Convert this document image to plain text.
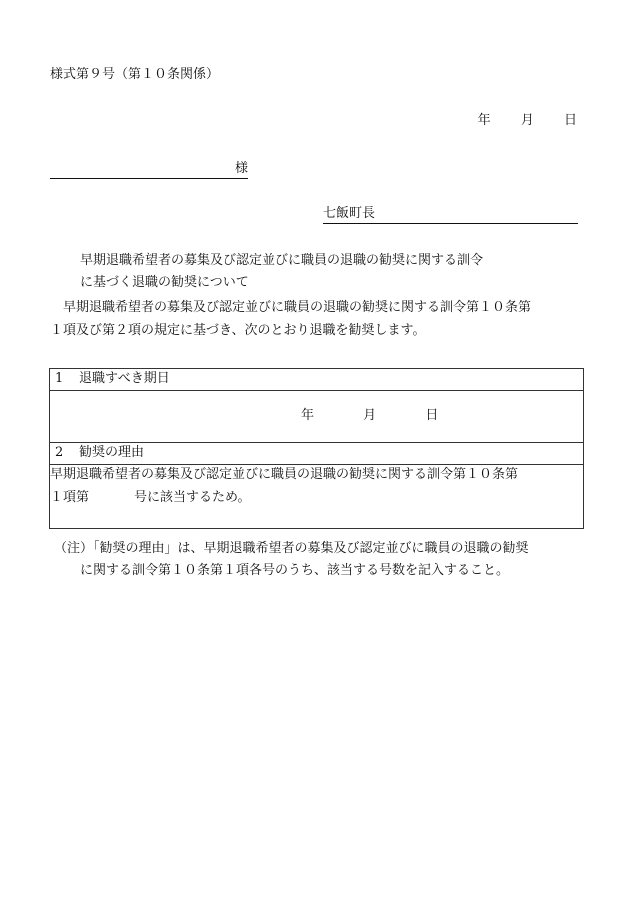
様式第９号（第１０条関係）
年 月 日
様
七飯町長
早期退職希望者の募集及び認定並びに職員の退職の勧奨に関する訓令
に基づく退職の勧奨について
早期退職希望者の募集及び認定並びに職員の退職の勧奨に関する訓令第１０条第
１項及び第２項の規定に基づき、次のとおり退職を勧奨します。
1 退職すべき期日
年	月	日
2 勧奨の理由
早期退職希望者の募集及び認定並びに職員の退職の勧奨に関する訓令第１０条第
１項第	号に該当するため。
（注）「勧奨の理由」は、早期退職希望者の募集及び認定並びに職員の退職の勧奨
に関する訓令第１０条第１項各号のうち、該当する号数を記入すること。
